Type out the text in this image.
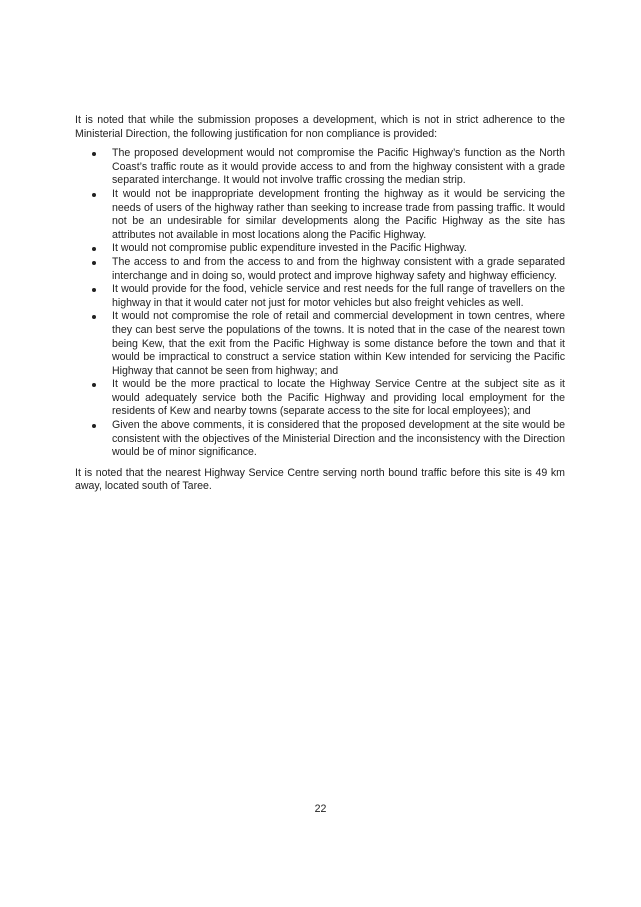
It is noted that while the submission proposes a development, which is not in strict adherence to the Ministerial Direction, the following justification for non compliance is provided:

The proposed development would not compromise the Pacific Highway’s function as the North Coast’s traffic route as it would provide access to and from the highway consistent with a grade separated interchange. It would not involve traffic crossing the median strip.
It would not be inappropriate development fronting the highway as it would be servicing the needs of users of the highway rather than seeking to increase trade from passing traffic. It would not be an undesirable for similar developments along the Pacific Highway as the site has attributes not available in most locations along the Pacific Highway.
It would not compromise public expenditure invested in the Pacific Highway.
The access to and from the access to and from the highway consistent with a grade separated interchange and in doing so, would protect and improve highway safety and highway efficiency.
It would provide for the food, vehicle service and rest needs for the full range of travellers on the highway in that it would cater not just for motor vehicles but also freight vehicles as well.
It would not compromise the role of retail and commercial development in town centres, where they can best serve the populations of the towns. It is noted that in the case of the nearest town being Kew, that the exit from the Pacific Highway is some distance before the town and that it would be impractical to construct a service station within Kew intended for servicing the Pacific Highway that cannot be seen from highway; and
It would be the more practical to locate the Highway Service Centre at the subject site as it would adequately service both the Pacific Highway and providing local employment for the residents of Kew and nearby towns (separate access to the site for local employees); and
Given the above comments, it is considered that the proposed development at the site would be consistent with the objectives of the Ministerial Direction and the inconsistency with the Direction would be of minor significance.

It is noted that the nearest Highway Service Centre serving north bound traffic before this site is 49 km away, located south of Taree.

22
